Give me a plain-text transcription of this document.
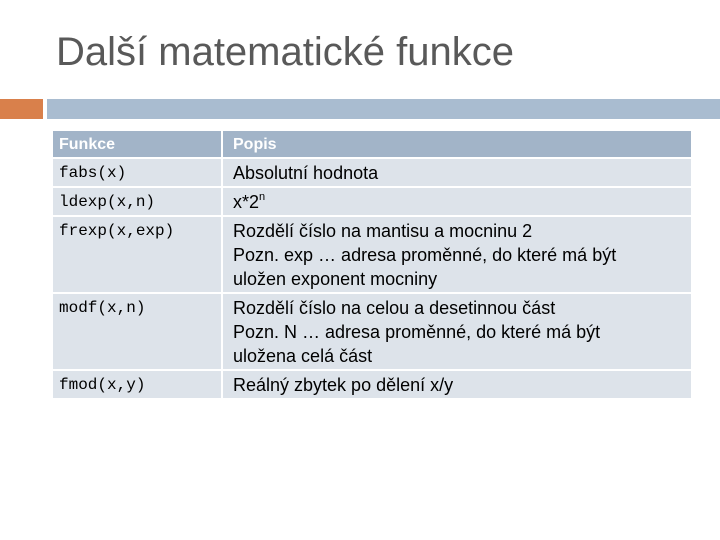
Další matematické funkce
Funkce	Popis
fabs(x)	Absolutní hodnota

ldexp(x,n)	x*2$^n$
frexp(x,exp)	Rozdělí číslo na mantisu a mocninu 2
Pozn. exp … adresa proměnné, do které má být
uložen exponent mocniny

modf(x,n)	Rozdělí číslo na celou a desetinnou část
Pozn. N … adresa proměnné, do které má být
uložena celá část

fmod(x,y)	Reálný zbytek po dělení x/y
